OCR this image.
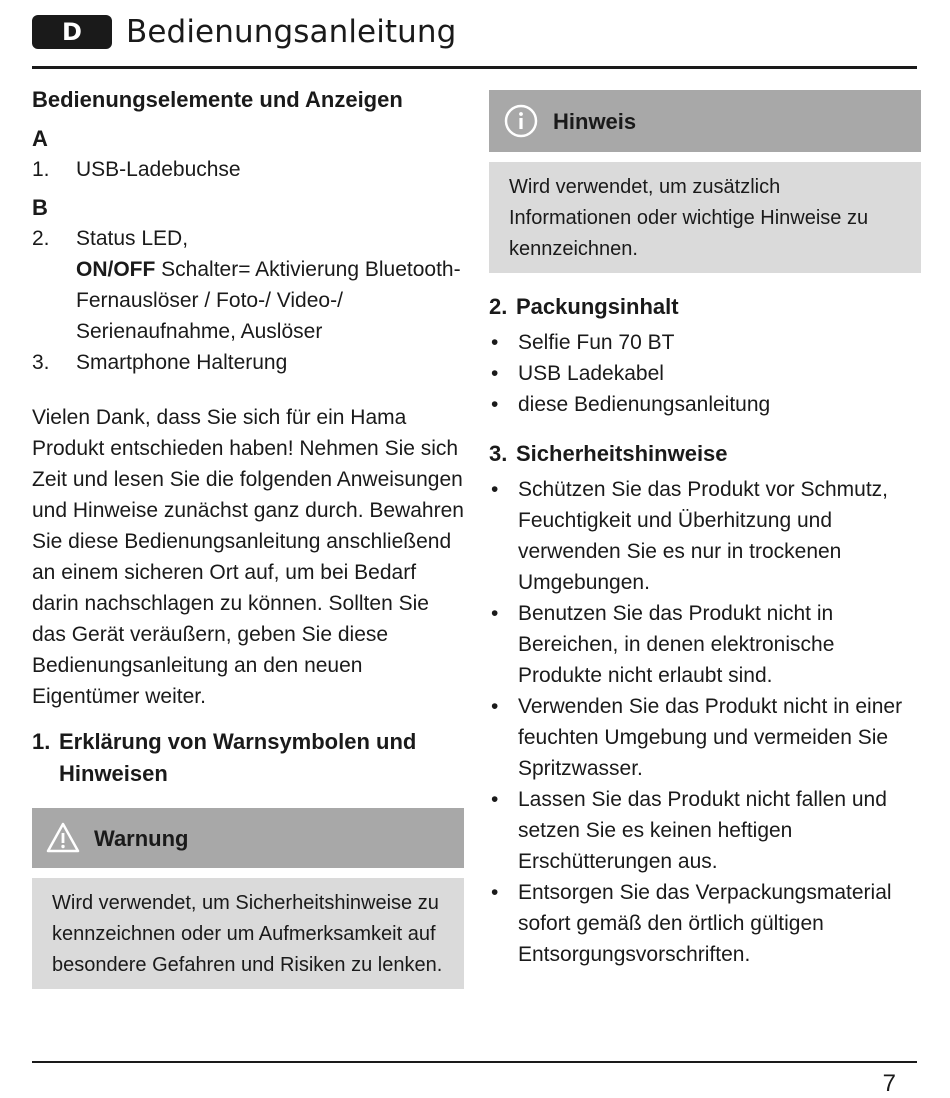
D	Bedienungsanleitung
Bedienungselemente und Anzeigen
A
1.	USB-Ladebuchse
B
2.	Status LED,
ON/OFF Schalter= Aktivierung Bluetooth-Fernauslöser / Foto-/ Video-/ Serienaufnahme, Auslöser
3.	Smartphone Halterung

Vielen Dank, dass Sie sich für ein Hama Produkt entschieden haben! Nehmen Sie sich Zeit und lesen Sie die folgenden Anweisungen und Hinweise zunächst ganz durch. Bewahren Sie diese Bedienungsanleitung anschließend an einem sicheren Ort auf, um bei Bedarf darin nachschlagen zu können. Sollten Sie das Gerät veräußern, geben Sie diese Bedienungsanleitung an den neuen Eigentümer weiter.

1. Erklärung von Warnsymbolen und Hinweisen
Warnung
Wird verwendet, um Sicherheitshinweise zu kennzeichnen oder um Aufmerksamkeit auf besondere Gefahren und Risiken zu lenken.
Hinweis
Wird verwendet, um zusätzlich Informationen oder wichtige Hinweise zu kennzeichnen.
2. Packungsinhalt
• Selfie Fun 70 BT
• USB Ladekabel
• diese Bedienungsanleitung
3. Sicherheitshinweise
• Schützen Sie das Produkt vor Schmutz, Feuchtigkeit und Überhitzung und verwenden Sie es nur in trockenen Umgebungen.
• Benutzen Sie das Produkt nicht in Bereichen, in denen elektronische Produkte nicht erlaubt sind.
• Verwenden Sie das Produkt nicht in einer feuchten Umgebung und vermeiden Sie Spritzwasser.
• Lassen Sie das Produkt nicht fallen und setzen Sie es keinen heftigen Erschütterungen aus.
• Entsorgen Sie das Verpackungsmaterial sofort gemäß den örtlich gültigen Entsorgungsvorschriften.
7
